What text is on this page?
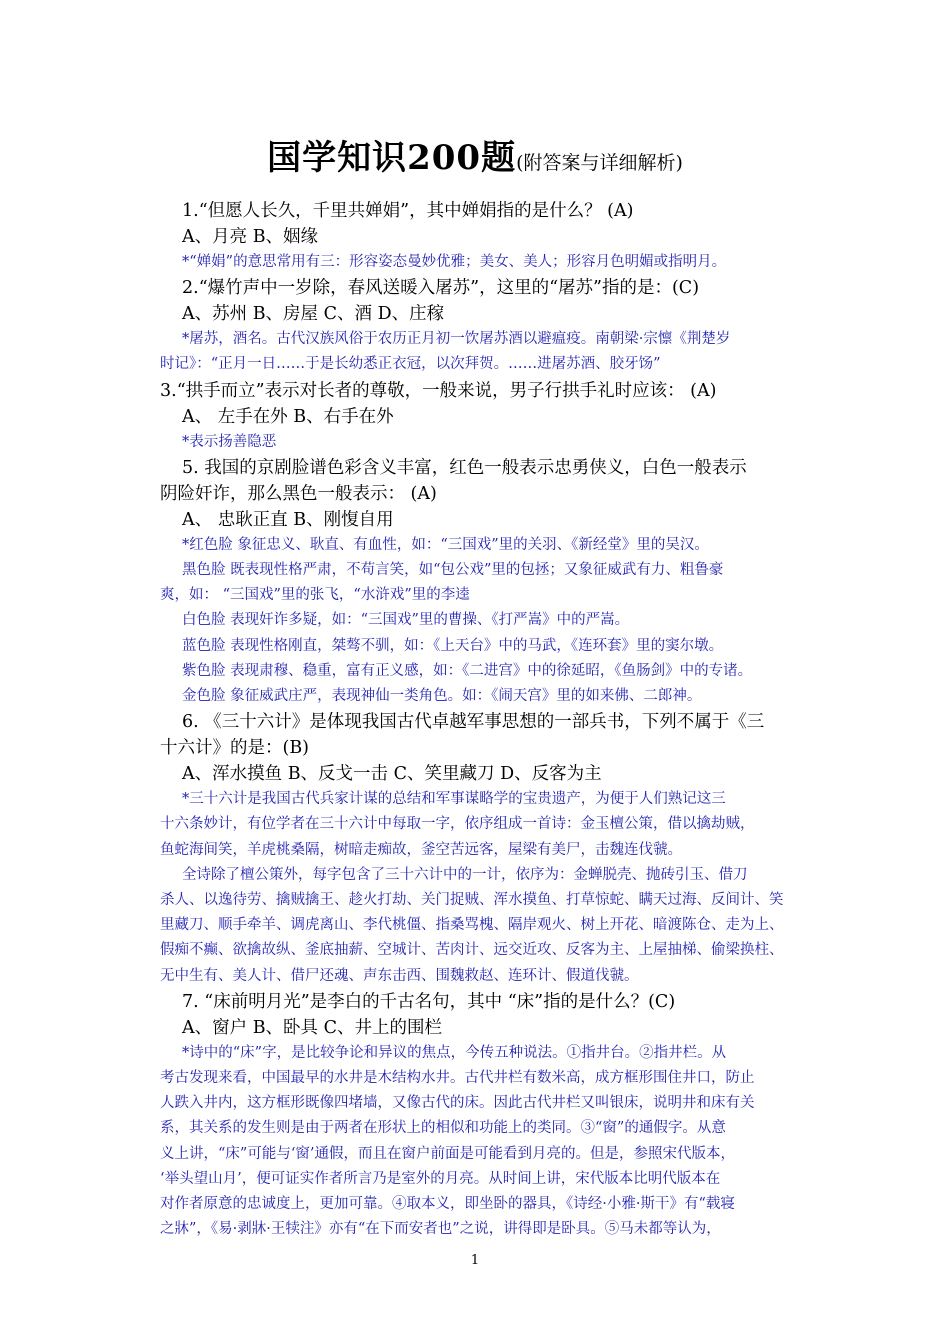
国学知识200题(附答案与详细解析)
1.“但愿人长久，千里共婵娟”，其中婵娟指的是什么？ (A)
A、月亮 B、姻缘
*“婵娟”的意思常用有三：形容姿态曼妙优雅；美女、美人；形容月色明媚或指明月。
2.“爆竹声中一岁除，春风送暖入屠苏”，这里的“屠苏”指的是：(C)
A、苏州 B、房屋 C、酒 D、庄稼
*屠苏，酒名。古代汉族风俗于农历正月初一饮屠苏酒以避瘟疫。南朝梁·宗懔《荆楚岁
时记》：“正月一日……于是长幼悉正衣冠，以次拜贺。……进屠苏酒、胶牙饧”
3.“拱手而立”表示对长者的尊敬，一般来说，男子行拱手礼时应该： (A)
A、 左手在外 B、右手在外
*表示扬善隐恶
5. 我国的京剧脸谱色彩含义丰富，红色一般表示忠勇侠义，白色一般表示
阴险奸诈，那么黑色一般表示： (A)
A、 忠耿正直 B、刚愎自用
*红色脸 象征忠义、耿直、有血性，如：“三国戏”里的关羽、《新经堂》里的吴汉。
黑色脸 既表现性格严肃，不苟言笑，如“包公戏”里的包拯；又象征威武有力、粗鲁豪
爽，如： “三国戏”里的张飞，“水浒戏”里的李逵
白色脸 表现奸诈多疑，如：“三国戏”里的曹操、《打严嵩》中的严嵩。
蓝色脸 表现性格刚直，桀骜不驯，如：《上天台》中的马武，《连环套》里的窦尔墩。
紫色脸 表现肃穆、稳重，富有正义感，如：《二进宫》中的徐延昭，《鱼肠剑》中的专诸。
金色脸 象征威武庄严，表现神仙一类角色。如：《闹天宫》里的如来佛、二郎神。
6. 《三十六计》是体现我国古代卓越军事思想的一部兵书，下列不属于《三
十六计》的是：(B)
A、浑水摸鱼 B、反戈一击 C、笑里藏刀 D、反客为主
*三十六计是我国古代兵家计谋的总结和军事谋略学的宝贵遗产，为便于人们熟记这三
十六条妙计，有位学者在三十六计中每取一字，依序组成一首诗：金玉檀公策，借以擒劫贼，
鱼蛇海间笑，羊虎桃桑隔，树暗走痴故，釜空苦远客，屋梁有美尸，击魏连伐虢。
全诗除了檀公策外，每字包含了三十六计中的一计，依序为：金蝉脱壳、抛砖引玉、借刀
杀人、以逸待劳、擒贼擒王、趁火打劫、关门捉贼、浑水摸鱼、打草惊蛇、瞒天过海、反间计、笑
里藏刀、顺手牵羊、调虎离山、李代桃僵、指桑骂槐、隔岸观火、树上开花、暗渡陈仓、走为上、
假痴不癫、欲擒故纵、釜底抽薪、空城计、苦肉计、远交近攻、反客为主、上屋抽梯、偷梁换柱、
无中生有、美人计、借尸还魂、声东击西、围魏救赵、连环计、假道伐虢。
7. “床前明月光”是李白的千古名句，其中 “床”指的是什么？(C)
A、窗户 B、卧具 C、井上的围栏
*诗中的“床”字，是比较争论和异议的焦点，今传五种说法。①指井台。②指井栏。从
考古发现来看，中国最早的水井是木结构水井。古代井栏有数米高，成方框形围住井口，防止
人跌入井内，这方框形既像四堵墙，又像古代的床。因此古代井栏又叫银床，说明井和床有关
系，其关系的发生则是由于两者在形状上的相似和功能上的类同。③“窗”的通假字。从意
义上讲，“床”可能与‘窗’通假，而且在窗户前面是可能看到月亮的。但是，参照宋代版本，
‘举头望山月’，便可证实作者所言乃是室外的月亮。从时间上讲，宋代版本比明代版本在
对作者原意的忠诚度上，更加可靠。④取本义，即坐卧的器具，《诗经·小雅·斯干》有“载寝
之牀”，《易·剥牀·王犊注》亦有“在下而安者也”之说，讲得即是卧具。⑤马未都等认为，
1
